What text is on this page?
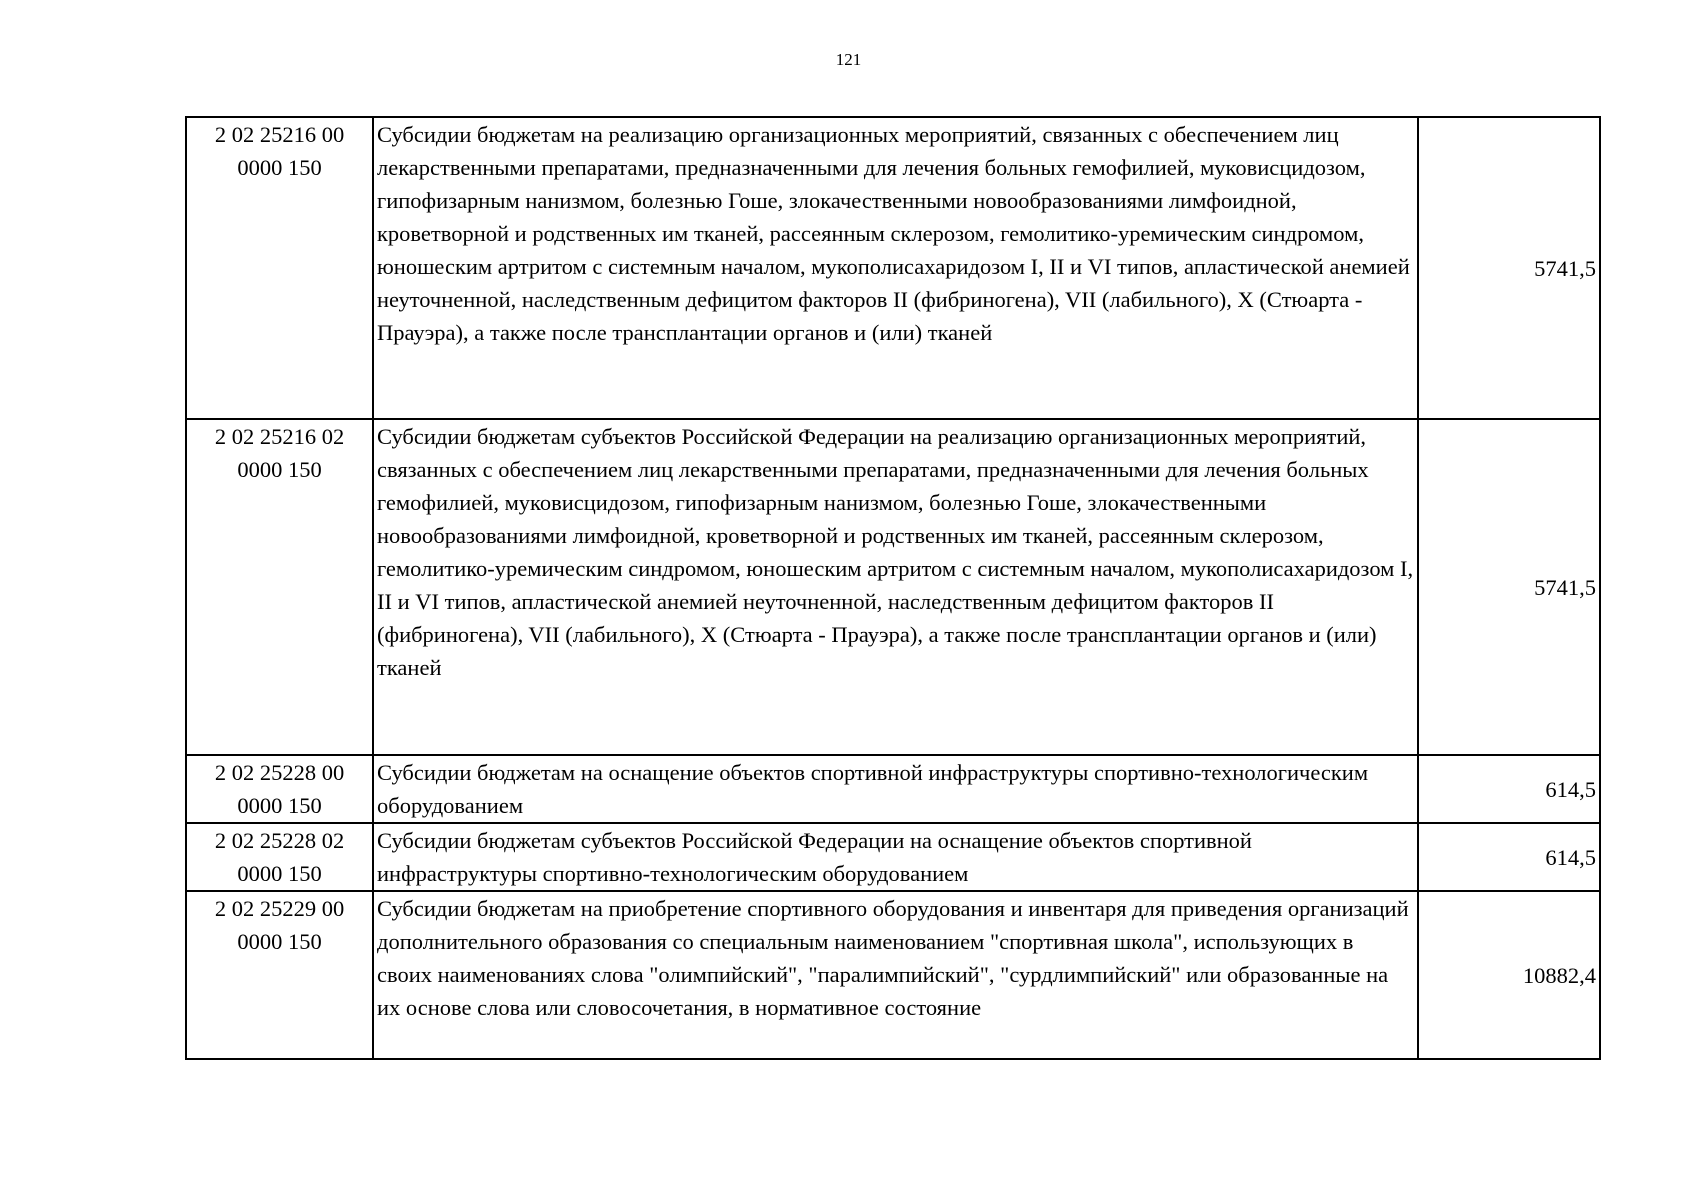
121
2 02 25216 00 0000 150	Субсидии бюджетам на реализацию организационных мероприятий, связанных с обеспечением лиц лекарственными препаратами, предназначенными для лечения больных гемофилией, муковисцидозом, гипофизарным нанизмом, болезнью Гоше, злокачественными новообразованиями лимфоидной, кроветворной и родственных им тканей, рассеянным склерозом, гемолитико-уремическим синдромом, юношеским артритом с системным началом, мукополисахаридозом I, II и VI типов, апластической анемией неуточненной, наследственным дефицитом факторов II (фибриногена), VII (лабильного), X (Стюарта - Прауэра), а также после трансплантации органов и (или) тканей	5741,5
2 02 25216 02 0000 150	Субсидии бюджетам субъектов Российской Федерации на реализацию организационных мероприятий, связанных с обеспечением лиц лекарственными препаратами, предназначенными для лечения больных гемофилией, муковисцидозом, гипофизарным нанизмом, болезнью Гоше, злокачественными новообразованиями лимфоидной, кроветворной и родственных им тканей, рассеянным склерозом, гемолитико-уремическим синдромом, юношеским артритом с системным началом, мукополисахаридозом I, II и VI типов, апластической анемией неуточненной, наследственным дефицитом факторов II (фибриногена), VII (лабильного), X (Стюарта - Прауэра), а также после трансплантации органов и (или) тканей	5741,5
2 02 25228 00 0000 150	Субсидии бюджетам на оснащение объектов спортивной инфраструктуры спортивно-технологическим оборудованием	614,5
2 02 25228 02 0000 150	Субсидии бюджетам субъектов Российской Федерации на оснащение объектов спортивной инфраструктуры спортивно-технологическим оборудованием	614,5
2 02 25229 00 0000 150	Субсидии бюджетам на приобретение спортивного оборудования и инвентаря для приведения организаций дополнительного образования со специальным наименованием "спортивная школа", использующих в своих наименованиях слова "олимпийский", "паралимпийский", "сурдлимпийский" или образованные на их основе слова или словосочетания, в нормативное состояние	10882,4
